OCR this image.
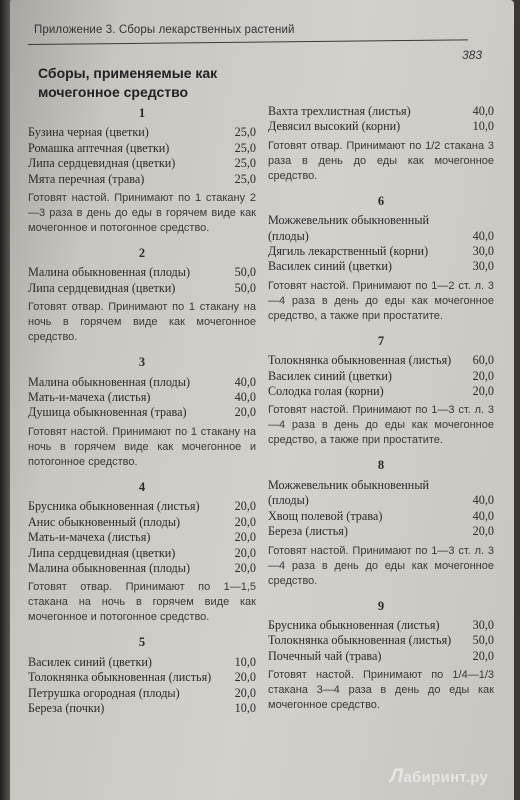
Приложение 3. Сборы лекарственных растений
383
Сборы, применяемые как мочегонное средство
1
Бузина черная (цветки)	25,0
Ромашка аптечная (цветки)	25,0
Липа сердцевидная (цветки)	25,0
Мята перечная (трава)	25,0
Готовят настой. Принимают по 1 стакану 2—3 раза в день до еды в горячем виде как мочегонное и потогонное средство.
2
Малина обыкновенная (плоды)	50,0
Липа сердцевидная (цветки)	50,0
Готовят отвар. Принимают по 1 стакану на ночь в горячем виде как мочегонное средство.
3
Малина обыкновенная (плоды)	40,0
Мать-и-мачеха (листья)	40,0
Душица обыкновенная (трава)	20,0
Готовят настой. Принимают по 1 стакану на ночь в горячем виде как мочегонное и потогонное средство.
4
Брусника обыкновенная (листья)	20,0
Анис обыкновенный (плоды)	20,0
Мать-и-мачеха (листья)	20,0
Липа сердцевидная (цветки)	20,0
Малина обыкновенная (плоды)	20,0
Готовят отвар. Принимают по 1—1,5 стакана на ночь в горячем виде как мочегонное и потогонное средство.
5
Василек синий (цветки)	10,0
Толокнянка обыкновенная (листья)	20,0
Петрушка огородная (плоды)	20,0
Береза (почки)	10,0
Вахта трехлистная (листья)	40,0
Девясил высокий (корни)	10,0
Готовят отвар. Принимают по 1/2 стакана 3 раза в день до еды как мочегонное средство.
6
Можжевельник обыкновенный (плоды)	40,0
Дягиль лекарственный (корни)	30,0
Василек синий (цветки)	30,0
Готовят настой. Принимают по 1—2 ст. л. 3—4 раза в день до еды как мочегонное средство, а также при простатите.
7
Толокнянка обыкновенная (листья)	60,0
Василек синий (цветки)	20,0
Солодка голая (корни)	20,0
Готовят настой. Принимают по 1—3 ст. л. 3—4 раза в день до еды как мочегонное средство, а также при простатите.
8
Можжевельник обыкновенный (плоды)	40,0
Хвощ полевой (трава)	40,0
Береза (листья)	20,0
Готовят настой. Принимают по 1—3 ст. л. 3—4 раза в день до еды как мочегонное средство.
9
Брусника обыкновенная (листья)	30,0
Толокнянка обыкновенная (листья)	50,0
Почечный чай (трава)	20,0
Готовят настой. Принимают по 1/4—1/3 стакана 3—4 раза в день до еды как мочегонное средство.
Лабиринт.ру
